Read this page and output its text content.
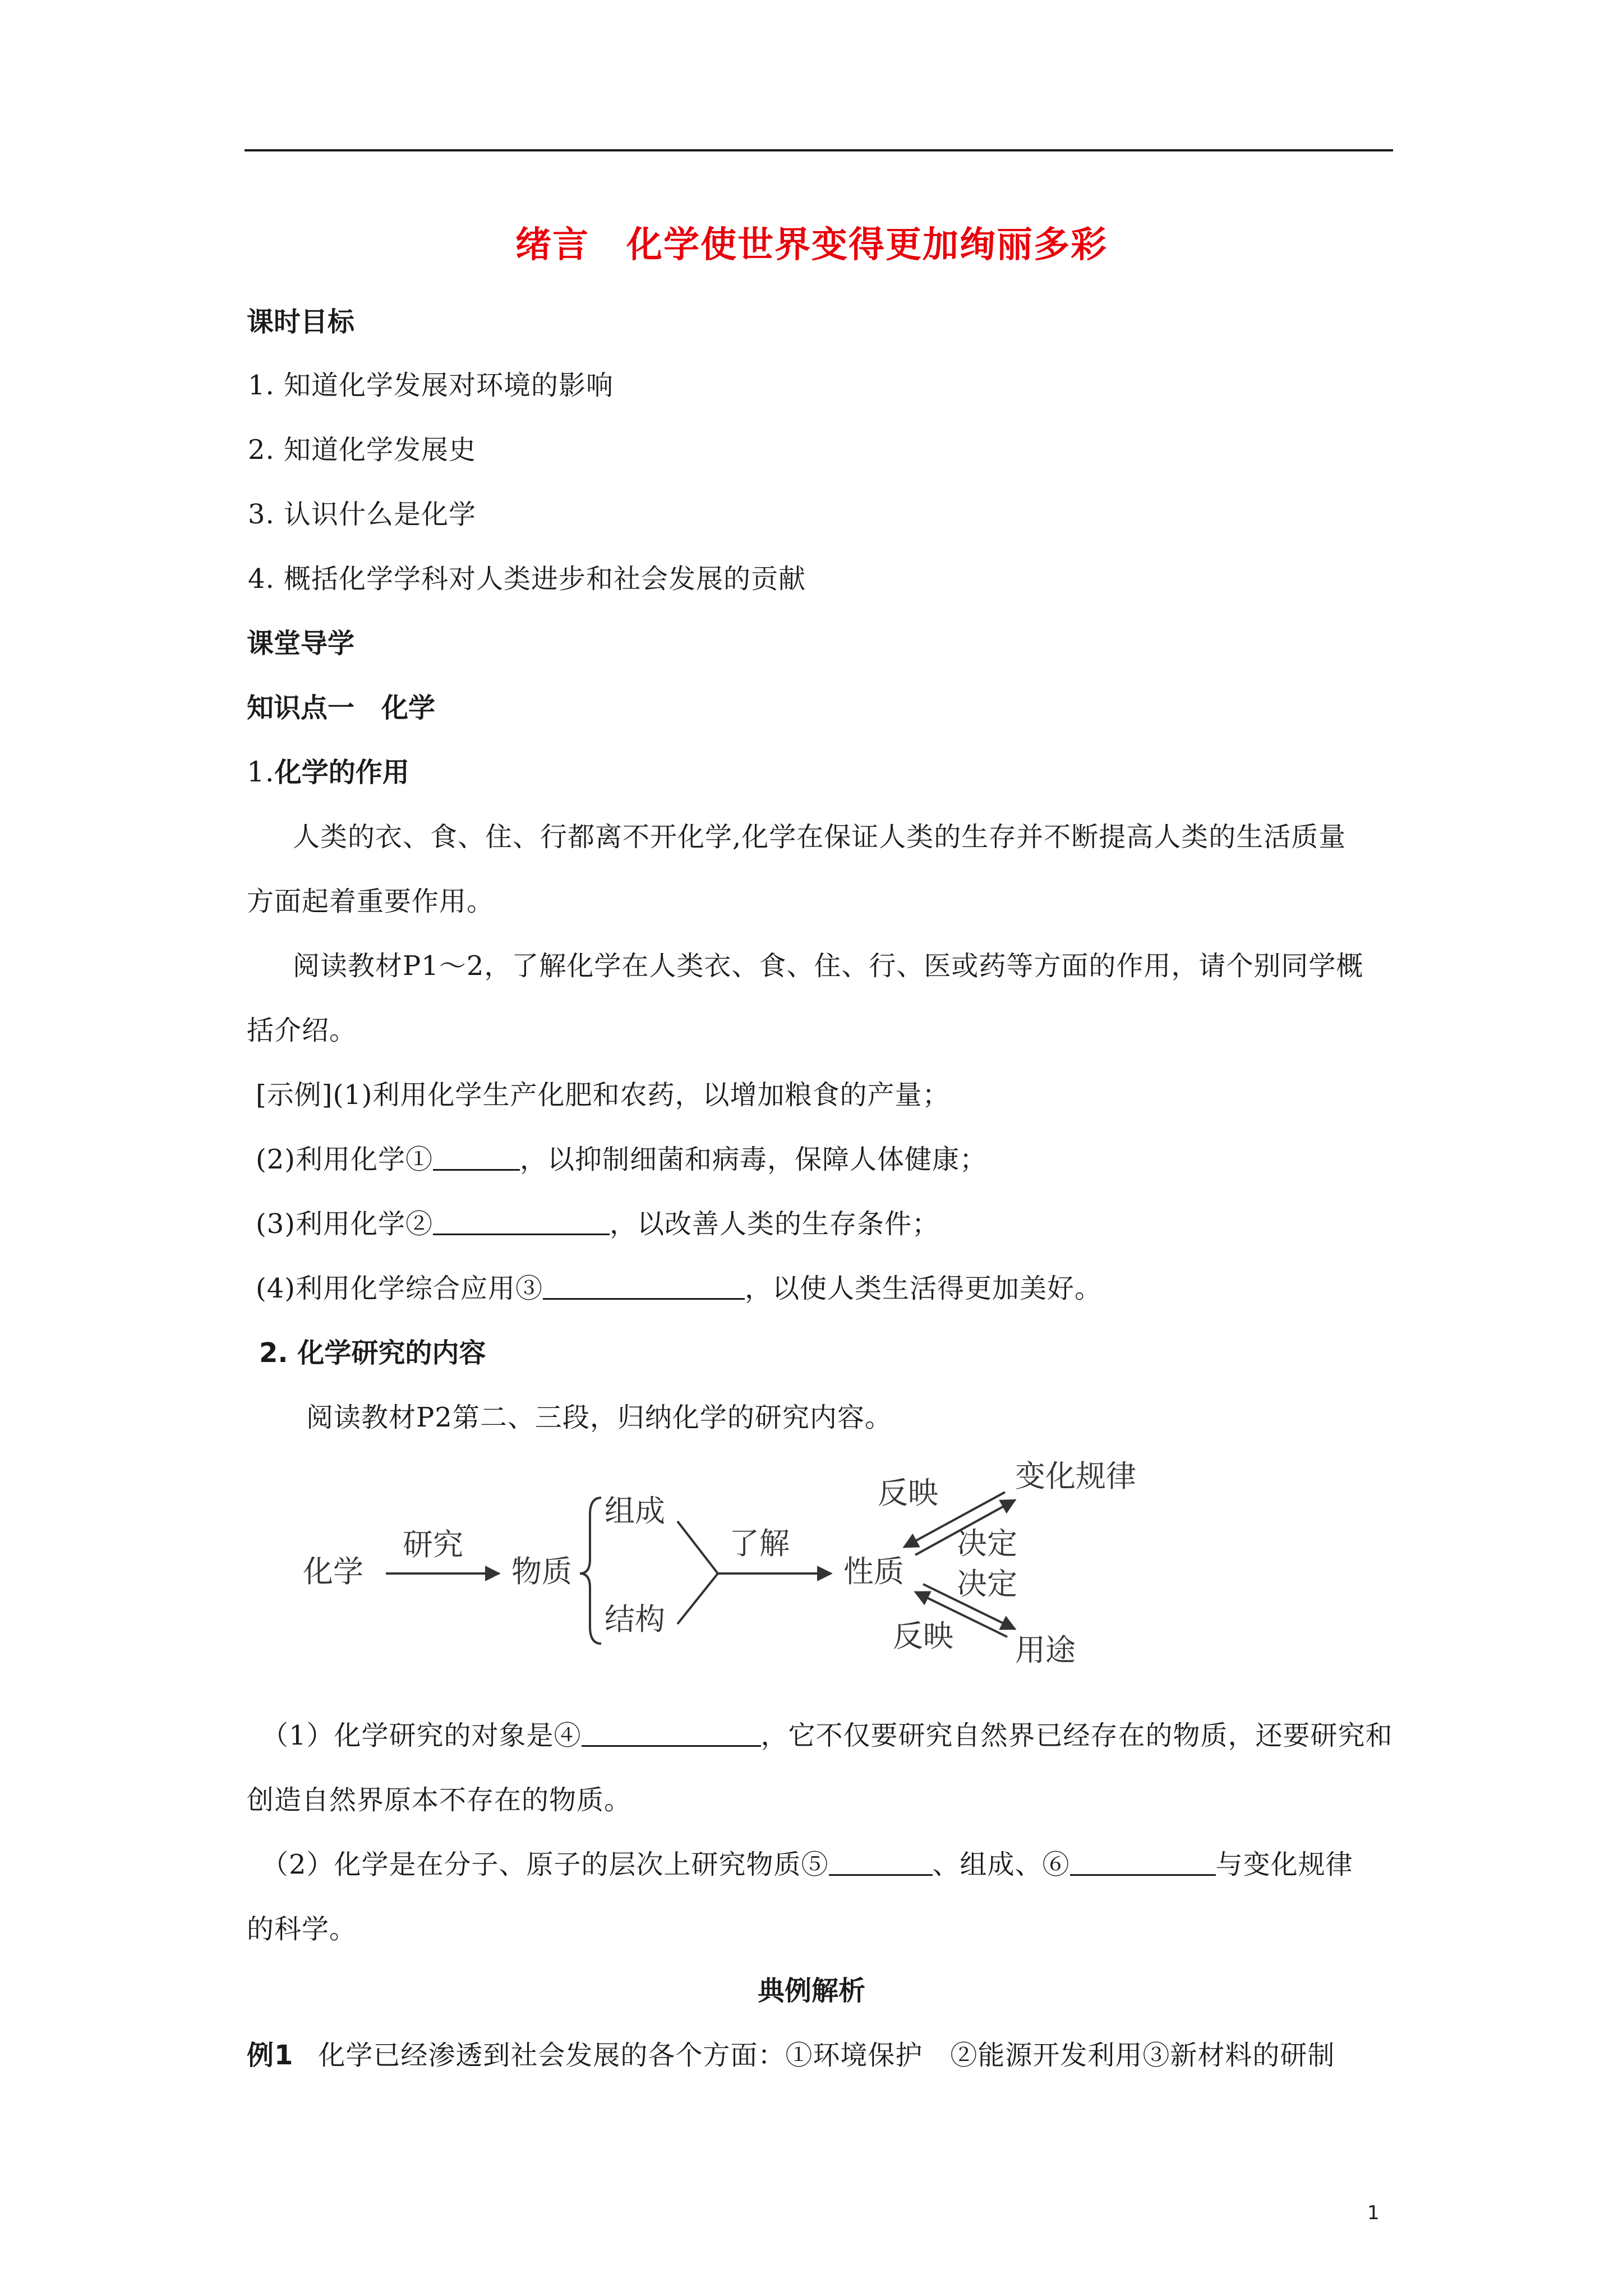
绪言　化学使世界变得更加绚丽多彩
课时目标
1. 知道化学发展对环境的影响
2. 知道化学发展史
3. 认识什么是化学
4. 概括化学学科对人类进步和社会发展的贡献
课堂导学
知识点一　化学
1.化学的作用
人类的衣、食、住、行都离不开化学,化学在保证人类的生存并不断提高人类的生活质量
方面起着重要作用。
阅读教材P1～2，了解化学在人类衣、食、住、行、医或药等方面的作用，请个别同学概
括介绍。
[示例](1)利用化学生产化肥和农药，以增加粮食的产量；
(2)利用化学①	，以抑制细菌和病毒，保障人体健康；
(3)利用化学②	，以改善人类的生存条件；
(4)利用化学综合应用③	，以使人类生活得更加美好。
2. 化学研究的内容
阅读教材P2第二、三段，归纳化学的研究内容。
化学
研究
物质
组成
结构
了解
性质
反映	变化规律
决定
决定
反映 用途
（1）化学研究的对象是④	，它不仅要研究自然界已经存在的物质，还要研究和
创造自然界原本不存在的物质。
（2）化学是在分子、原子的层次上研究物质⑤	、组成、⑥	与变化规律
的科学。
典例解析
例1 化学已经渗透到社会发展的各个方面：①环境保护　②能源开发利用③新材料的研制
1
